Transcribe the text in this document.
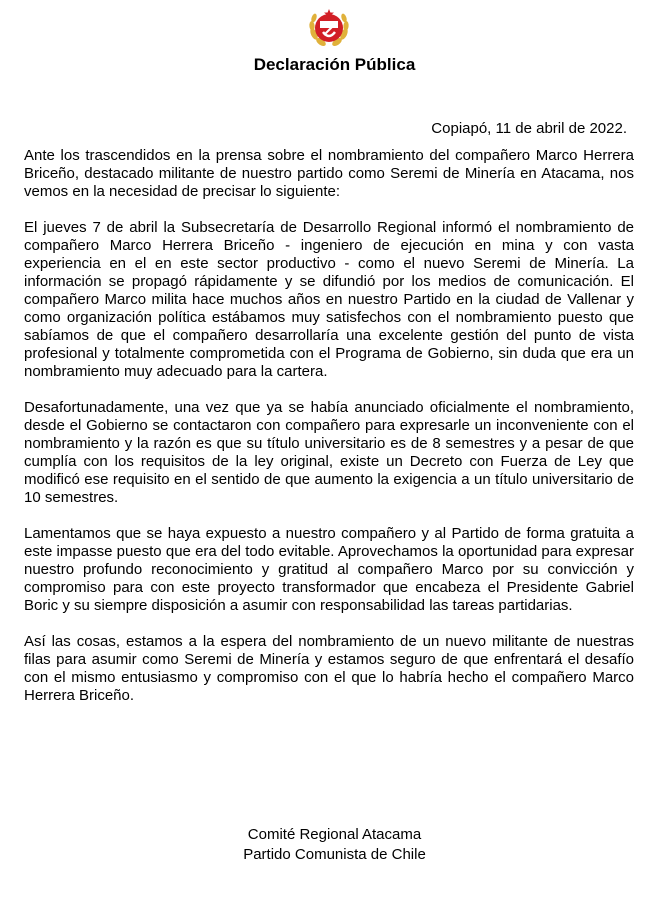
Declaración Pública
Copiapó, 11 de abril de 2022.

Ante los trascendidos en la prensa sobre el nombramiento del compañero Marco Herrera Briceño, destacado militante de nuestro partido como Seremi de Minería en Atacama, nos vemos en la necesidad de precisar lo siguiente:

El jueves 7 de abril la Subsecretaría de Desarrollo Regional informó el nombramiento de compañero Marco Herrera Briceño - ingeniero de ejecución en mina y con vasta experiencia en el en este sector productivo - como el nuevo Seremi de Minería. La información se propagó rápidamente y se difundió por los medios de comunicación. El compañero Marco milita hace muchos años en nuestro Partido en la ciudad de Vallenar y como organización política estábamos muy satisfechos con el nombramiento puesto que sabíamos de que el compañero desarrollaría una excelente gestión del punto de vista profesional y totalmente comprometida con el Programa de Gobierno, sin duda que era un nombramiento muy adecuado para la cartera.

Desafortunadamente, una vez que ya se había anunciado oficialmente el nombramiento, desde el Gobierno se contactaron con compañero para expresarle un inconveniente con el nombramiento y la razón es que su título universitario es de 8 semestres y a pesar de que cumplía con los requisitos de la ley original, existe un Decreto con Fuerza de Ley que modificó ese requisito en el sentido de que aumento la exigencia a un título universitario de 10 semestres.

Lamentamos que se haya expuesto a nuestro compañero y al Partido de forma gratuita a este impasse puesto que era del todo evitable. Aprovechamos la oportunidad para expresar nuestro profundo reconocimiento y gratitud al compañero Marco por su convicción y compromiso para con este proyecto transformador que encabeza el Presidente Gabriel Boric y su siempre disposición a asumir con responsabilidad las tareas partidarias.

Así las cosas, estamos a la espera del nombramiento de un nuevo militante de nuestras filas para asumir como Seremi de Minería y estamos seguro de que enfrentará el desafío con el mismo entusiasmo y compromiso con el que lo habría hecho el compañero Marco Herrera Briceño.

Comité Regional Atacama
Partido Comunista de Chile
